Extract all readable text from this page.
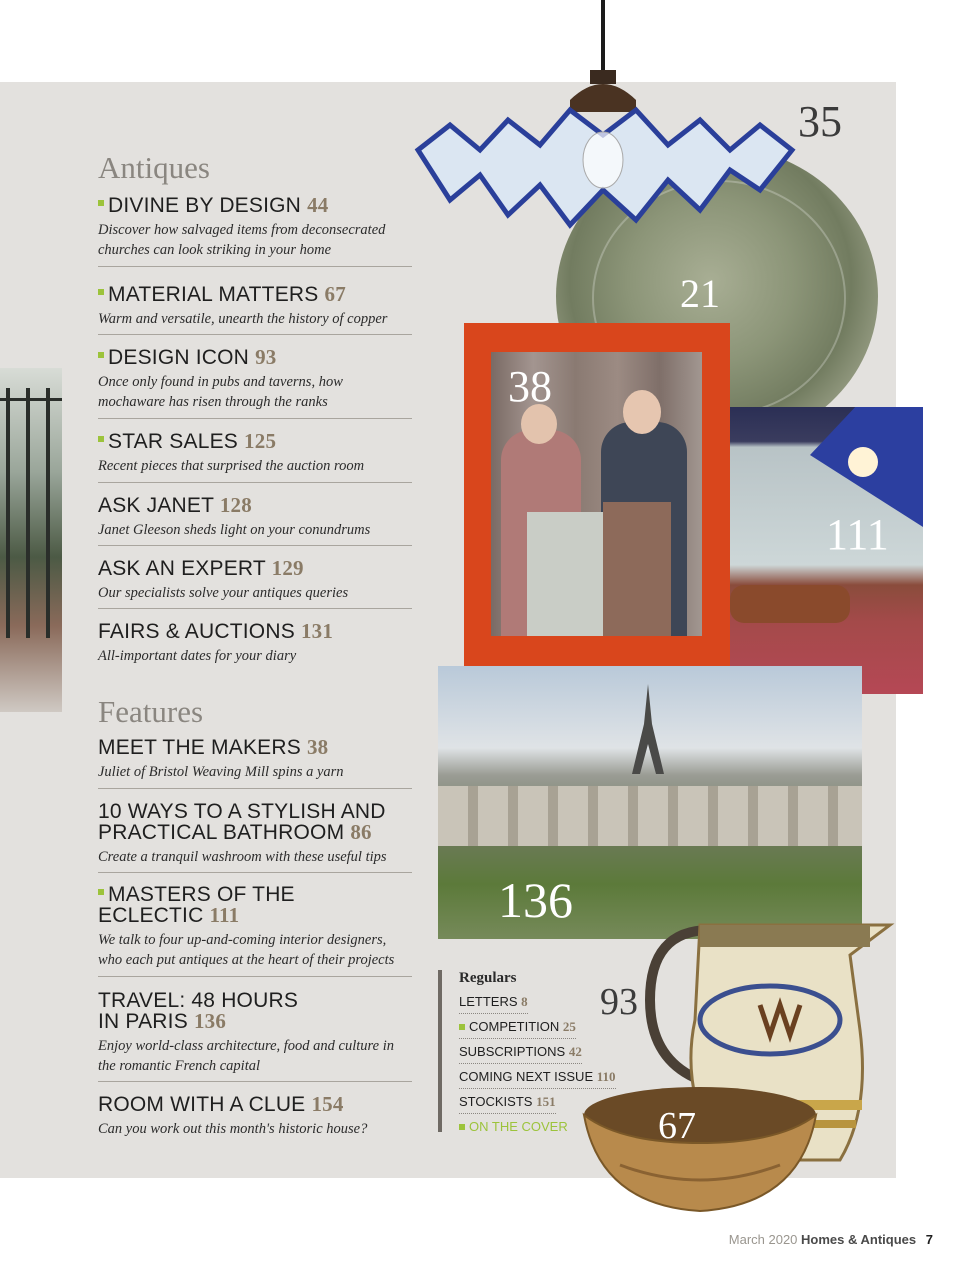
Antiques
DIVINE BY DESIGN 44
Discover how salvaged items from deconsecrated churches can look striking in your home
MATERIAL MATTERS 67
Warm and versatile, unearth the history of copper
DESIGN ICON 93
Once only found in pubs and taverns, how mochaware has risen through the ranks
STAR SALES 125
Recent pieces that surprised the auction room
ASK JANET 128
Janet Gleeson sheds light on your conundrums
ASK AN EXPERT 129
Our specialists solve your antiques queries
FAIRS & AUCTIONS 131
All-important dates for your diary
Features
MEET THE MAKERS 38
Juliet of Bristol Weaving Mill spins a yarn
10 WAYS TO A STYLISH AND PRACTICAL BATHROOM 86
Create a tranquil washroom with these useful tips
MASTERS OF THE ECLECTIC 111
We talk to four up-and-coming interior designers, who each put antiques at the heart of their projects
TRAVEL: 48 HOURS IN PARIS 136
Enjoy world-class architecture, food and culture in the romantic French capital
ROOM WITH A CLUE 154
Can you work out this month's historic house?
21
35
111
38
136
Regulars
LETTERS 8
COMPETITION 25
SUBSCRIPTIONS 42
COMING NEXT ISSUE 110
STOCKISTS 151
ON THE COVER
93
67
March 2020 Homes & Antiques 7
